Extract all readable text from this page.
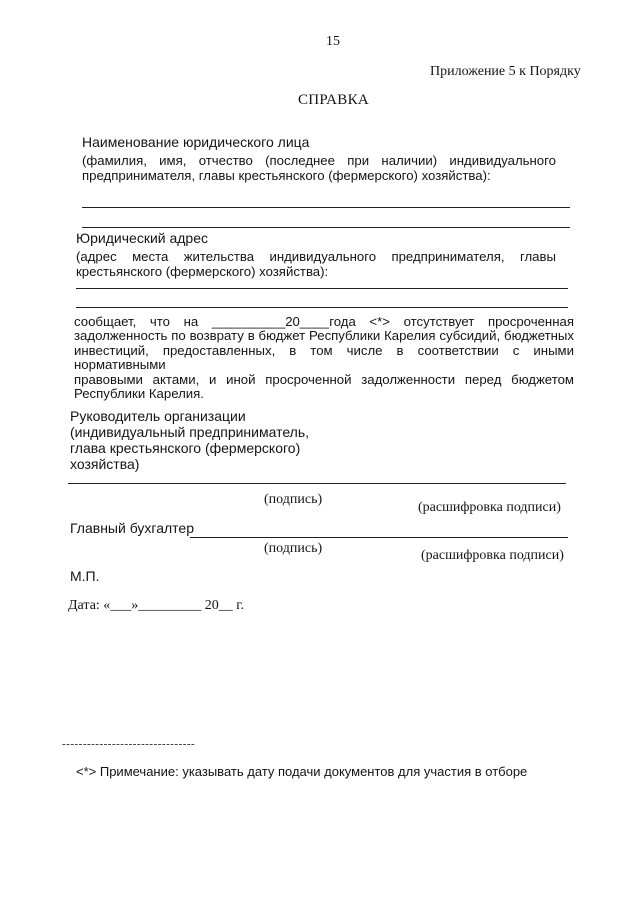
15
Приложение 5 к Порядку
СПРАВКА
Наименование юридического лица
(фамилия, имя, отчество (последнее при наличии) индивидуального
предпринимателя, главы крестьянского (фермерского) хозяйства):
Юридический адрес
(адрес места жительства индивидуального предпринимателя, главы
крестьянского (фермерского) хозяйства):
сообщает, что на __________20____года <*> отсутствует просроченная
задолженность по возврату в бюджет Республики Карелия субсидий, бюджетных
инвестиций, предоставленных, в том числе в соответствии с иными нормативными
правовыми актами, и иной просроченной задолженности перед бюджетом
Республики Карелия.
Руководитель организации
(индивидуальный предприниматель,
глава крестьянского (фермерского)
хозяйства)
(подпись)
(расшифровка подписи)
Главный бухгалтер
(подпись)	(расшифровка подписи)
М.П.
Дата: «___»_________ 20__ г.
--------------------------------
<*> Примечание: указывать дату подачи документов для участия в отборе
